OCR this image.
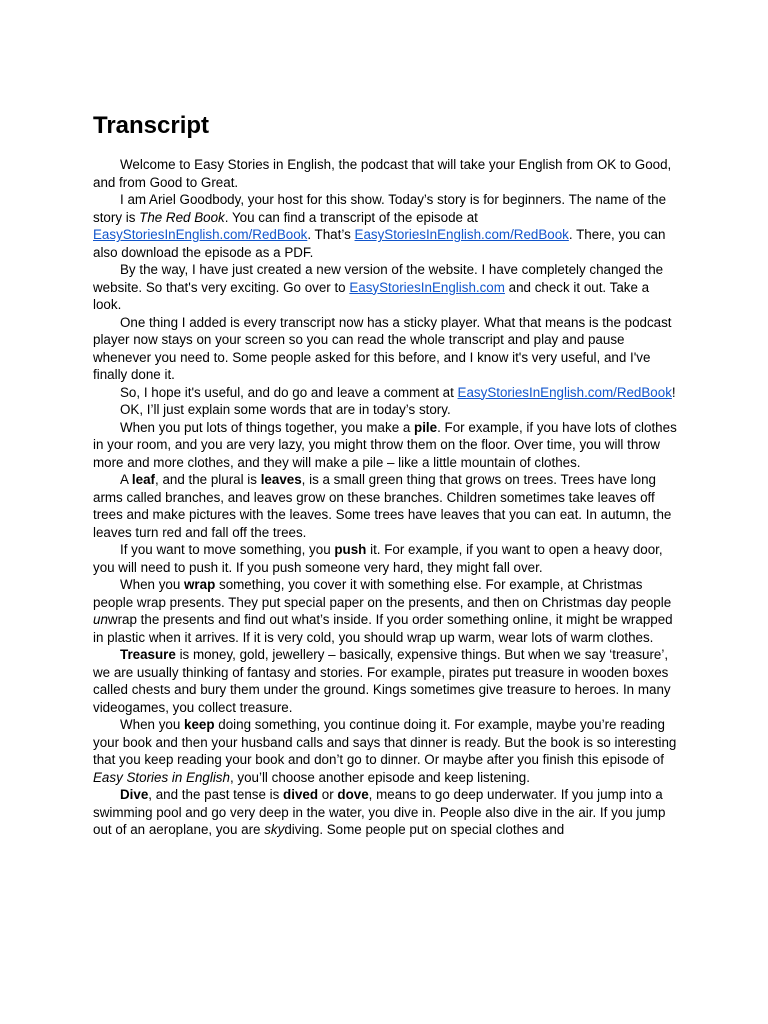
Transcript

Welcome to Easy Stories in English, the podcast that will take your English from OK to Good, and from Good to Great.

I am Ariel Goodbody, your host for this show. Today’s story is for beginners. The name of the story is The Red Book. You can find a transcript of the episode at EasyStoriesInEnglish.com/RedBook. That’s EasyStoriesInEnglish.com/RedBook. There, you can also download the episode as a PDF.

By the way, I have just created a new version of the website. I have completely changed the website. So that's very exciting. Go over to EasyStoriesInEnglish.com and check it out. Take a look.

One thing I added is every transcript now has a sticky player. What that means is the podcast player now stays on your screen so you can read the whole transcript and play and pause whenever you need to. Some people asked for this before, and I know it's very useful, and I've finally done it.

So, I hope it's useful, and do go and leave a comment at EasyStoriesInEnglish.com/RedBook!

OK, I’ll just explain some words that are in today’s story.

When you put lots of things together, you make a pile. For example, if you have lots of clothes in your room, and you are very lazy, you might throw them on the floor. Over time, you will throw more and more clothes, and they will make a pile – like a little mountain of clothes.

A leaf, and the plural is leaves, is a small green thing that grows on trees. Trees have long arms called branches, and leaves grow on these branches. Children sometimes take leaves off trees and make pictures with the leaves. Some trees have leaves that you can eat. In autumn, the leaves turn red and fall off the trees.

If you want to move something, you push it. For example, if you want to open a heavy door, you will need to push it. If you push someone very hard, they might fall over.

When you wrap something, you cover it with something else. For example, at Christmas people wrap presents. They put special paper on the presents, and then on Christmas day people unwrap the presents and find out what’s inside. If you order something online, it might be wrapped in plastic when it arrives. If it is very cold, you should wrap up warm, wear lots of warm clothes.

Treasure is money, gold, jewellery – basically, expensive things. But when we say ‘treasure’, we are usually thinking of fantasy and stories. For example, pirates put treasure in wooden boxes called chests and bury them under the ground. Kings sometimes give treasure to heroes. In many videogames, you collect treasure.

When you keep doing something, you continue doing it. For example, maybe you’re reading your book and then your husband calls and says that dinner is ready. But the book is so interesting that you keep reading your book and don’t go to dinner. Or maybe after you finish this episode of Easy Stories in English, you’ll choose another episode and keep listening.

Dive, and the past tense is dived or dove, means to go deep underwater. If you jump into a swimming pool and go very deep in the water, you dive in. People also dive in the air. If you jump out of an aeroplane, you are skydiving. Some people put on special clothes and
